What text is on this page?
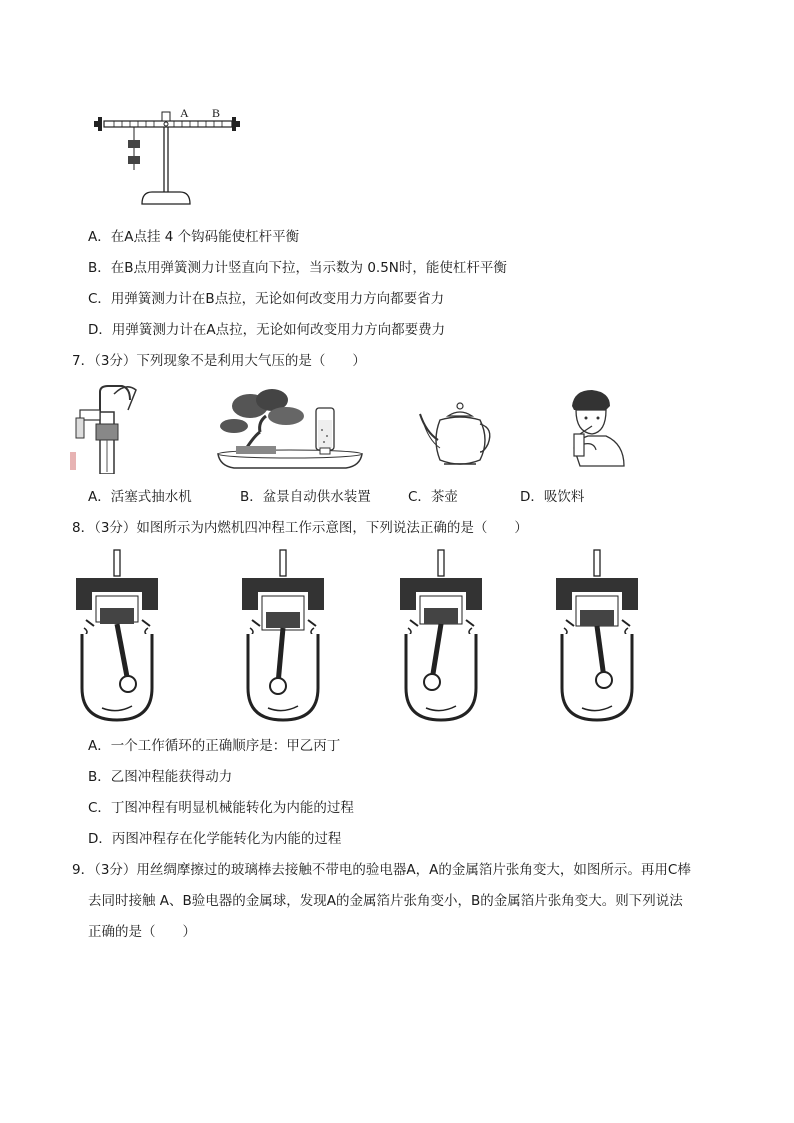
A B
A．在A点挂 4 个钩码能使杠杆平衡
B．在B点用弹簧测力计竖直向下拉，当示数为 0.5N时，能使杠杆平衡
C．用弹簧测力计在B点拉，无论如何改变用力方向都要省力
D．用弹簧测力计在A点拉，无论如何改变用力方向都要费力
7．（3分）下列现象不是利用大气压的是（　　）
A．活塞式抽水机	B．盆景自动供水装置	C．茶壶	D．吸饮料
8．（3分）如图所示为内燃机四冲程工作示意图，下列说法正确的是（　　）
A．一个工作循环的正确顺序是：甲乙丙丁
B．乙图冲程能获得动力
C．丁图冲程有明显机械能转化为内能的过程
D．丙图冲程存在化学能转化为内能的过程
9．（3分）用丝绸摩擦过的玻璃棒去接触不带电的验电器A，A的金属箔片张角变大，如图所示。再用C棒
去同时接触 A、B验电器的金属球，发现A的金属箔片张角变小，B的金属箔片张角变大。则下列说法
正确的是（　　）
